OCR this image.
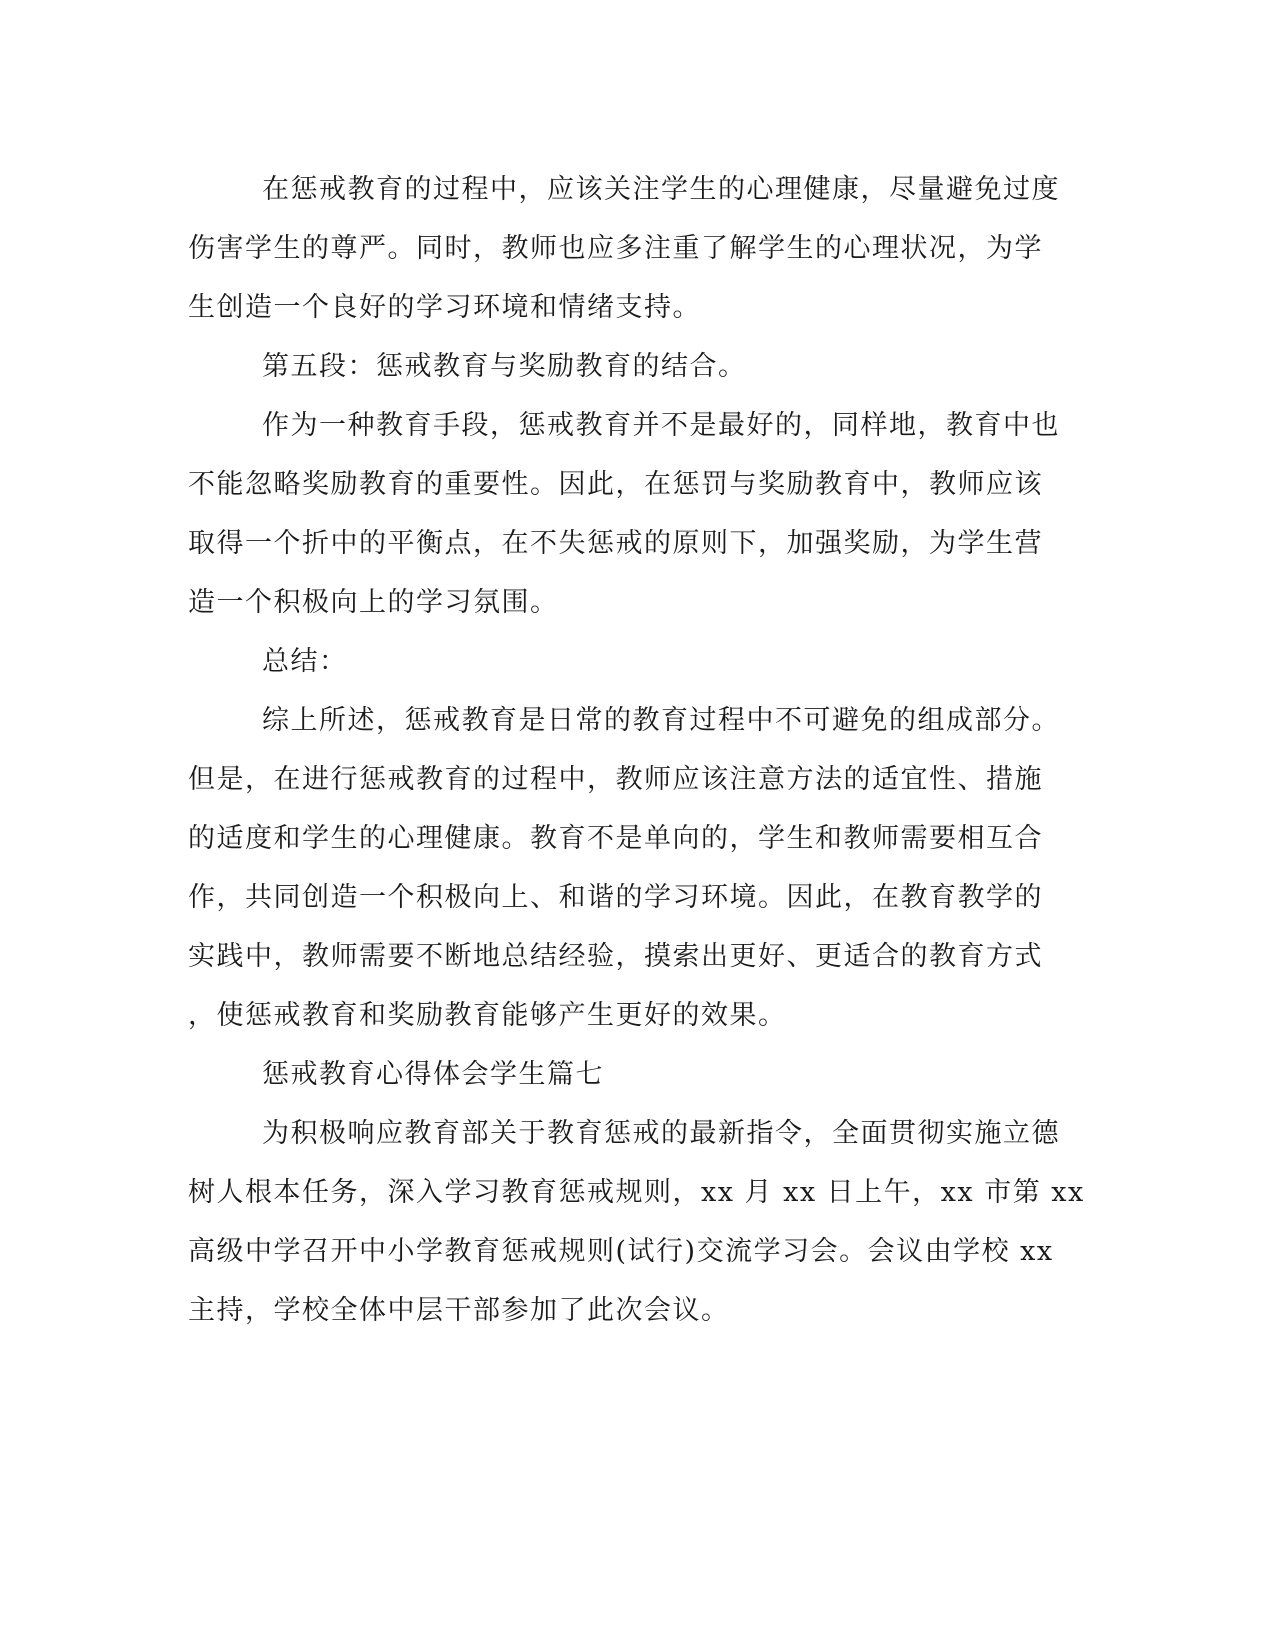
在惩戒教育的过程中，应该关注学生的心理健康，尽量避免过度
伤害学生的尊严。同时，教师也应多注重了解学生的心理状况，为学
生创造一个良好的学习环境和情绪支持。
第五段：惩戒教育与奖励教育的结合。
作为一种教育手段，惩戒教育并不是最好的，同样地，教育中也
不能忽略奖励教育的重要性。因此，在惩罚与奖励教育中，教师应该
取得一个折中的平衡点，在不失惩戒的原则下，加强奖励，为学生营
造一个积极向上的学习氛围。
总结：
综上所述，惩戒教育是日常的教育过程中不可避免的组成部分。
但是，在进行惩戒教育的过程中，教师应该注意方法的适宜性、措施
的适度和学生的心理健康。教育不是单向的，学生和教师需要相互合
作，共同创造一个积极向上、和谐的学习环境。因此，在教育教学的
实践中，教师需要不断地总结经验，摸索出更好、更适合的教育方式
，使惩戒教育和奖励教育能够产生更好的效果。
惩戒教育心得体会学生篇七
为积极响应教育部关于教育惩戒的最新指令，全面贯彻实施立德
树人根本任务，深入学习教育惩戒规则，xx 月 xx 日上午，xx 市第 xx
高级中学召开中小学教育惩戒规则(试行)交流学习会。会议由学校 xx
主持，学校全体中层干部参加了此次会议。
